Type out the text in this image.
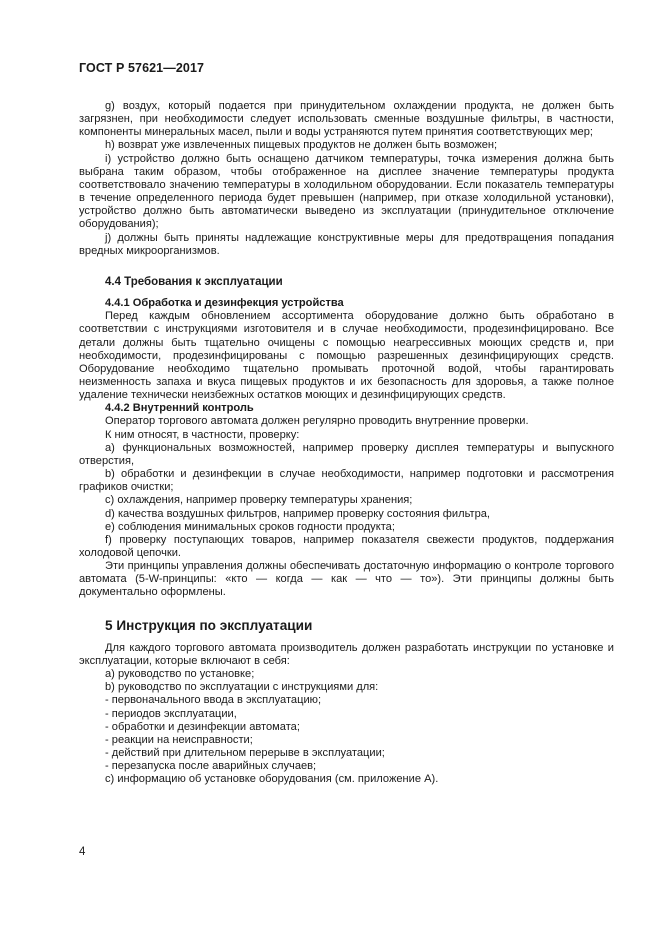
ГОСТ Р 57621—2017

g) воздух, который подается при принудительном охлаждении продукта, не должен быть загрязнен, при необходимости следует использовать сменные воздушные фильтры, в частности, компоненты минеральных масел, пыли и воды устраняются путем принятия соответствующих мер;

h) возврат уже извлеченных пищевых продуктов не должен быть возможен;

i) устройство должно быть оснащено датчиком температуры, точка измерения должна быть выбрана таким образом, чтобы отображенное на дисплее значение температуры продукта соответствовало значению температуры в холодильном оборудовании. Если показатель температуры в течение определенного периода будет превышен (например, при отказе холодильной установки), устройство должно быть автоматически выведено из эксплуатации (принудительное отключение оборудования);

j) должны быть приняты надлежащие конструктивные меры для предотвращения попадания вредных микроорганизмов.

4.4 Требования к эксплуатации

4.4.1 Обработка и дезинфекция устройства

Перед каждым обновлением ассортимента оборудование должно быть обработано в соответствии с инструкциями изготовителя и в случае необходимости, продезинфицировано. Все детали должны быть тщательно очищены с помощью неагрессивных моющих средств и, при необходимости, продезинфицированы с помощью разрешенных дезинфицирующих средств. Оборудование необходимо тщательно промывать проточной водой, чтобы гарантировать неизменность запаха и вкуса пищевых продуктов и их безопасность для здоровья, а также полное удаление технически неизбежных остатков моющих и дезинфицирующих средств.

4.4.2 Внутренний контроль

Оператор торгового автомата должен регулярно проводить внутренние проверки.

К ним относят, в частности, проверку:

a) функциональных возможностей, например проверку дисплея температуры и выпускного отверстия,

b) обработки и дезинфекции в случае необходимости, например подготовки и рассмотрения графиков очистки;

c) охлаждения, например проверку температуры хранения;

d) качества воздушных фильтров, например проверку состояния фильтра,

e) соблюдения минимальных сроков годности продукта;

f) проверку поступающих товаров, например показателя свежести продуктов, поддержания холодовой цепочки.

Эти принципы управления должны обеспечивать достаточную информацию о контроле торгового автомата (5-W-принципы: «кто — когда — как — что — то»). Эти принципы должны быть документально оформлены.

5 Инструкция по эксплуатации

Для каждого торгового автомата производитель должен разработать инструкции по установке и эксплуатации, которые включают в себя:

a) руководство по установке;

b) руководство по эксплуатации с инструкциями для:

- первоначального ввода в эксплуатацию;

- периодов эксплуатации,

- обработки и дезинфекции автомата;

- реакции на неисправности;

- действий при длительном перерыве в эксплуатации;

- перезапуска после аварийных случаев;

c) информацию об установке оборудования (см. приложение А).

4
